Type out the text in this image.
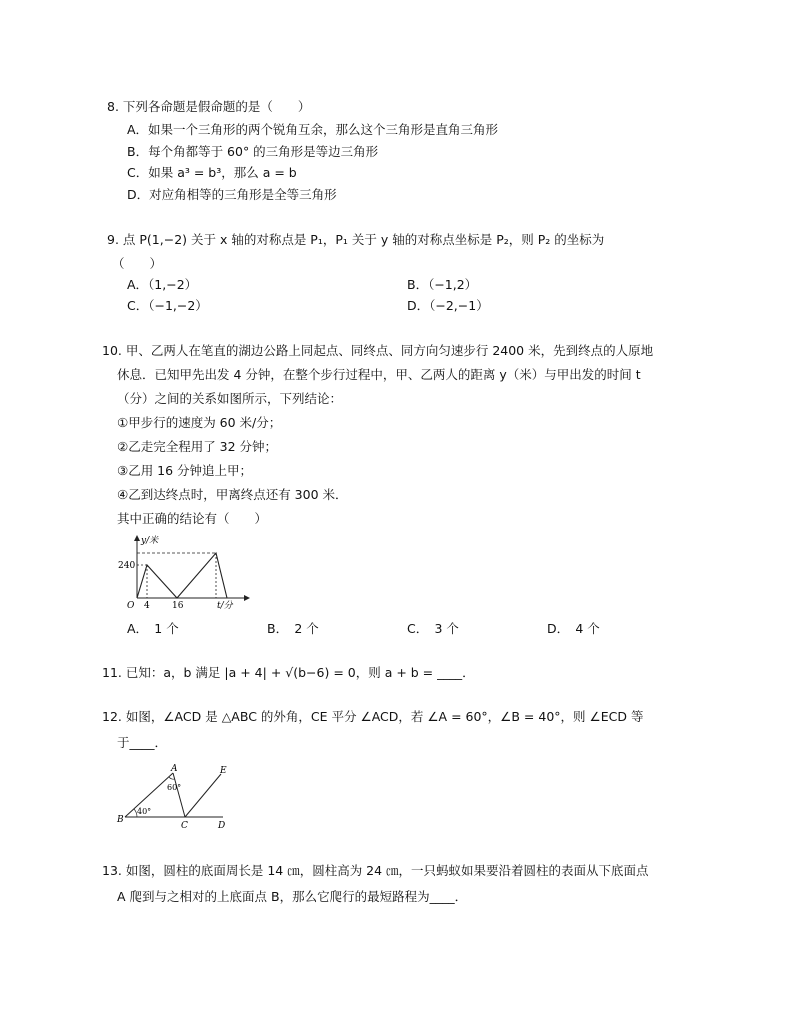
8. 下列各命题是假命题的是（　　）
A．如果一个三角形的两个锐角互余，那么这个三角形是直角三角形
B．每个角都等于 60° 的三角形是等边三角形
C．如果 a³ = b³，那么 a = b
D．对应角相等的三角形是全等三角形
9. 点 P(1,−2) 关于 x 轴的对称点是 P₁，P₁ 关于 y 轴的对称点坐标是 P₂，则 P₂ 的坐标为
（　　）
A．（1,−2）	B．（−1,2）
C．（−1,−2）	D．（−2,−1）
10. 甲、乙两人在笔直的湖边公路上同起点、同终点、同方向匀速步行 2400 米，先到终点的人原地
休息．已知甲先出发 4 分钟，在整个步行过程中，甲、乙两人的距离 y（米）与甲出发的时间 t
（分）之间的关系如图所示，下列结论：
①甲步行的速度为 60 米/分；
②乙走完全程用了 32 分钟；
③乙用 16 分钟追上甲；
④乙到达终点时，甲离终点还有 300 米．
其中正确的结论有（　　）
y/米
240
O 4 16	t/分
A．　1 个	B．　2 个	C．　3 个	D．　4 个
11. 已知：a，b 满足 |a + 4| + √(b−6) = 0，则 a + b = ____．
12. 如图，∠ACD 是 △ABC 的外角，CE 平分 ∠ACD，若 ∠A = 60°，∠B = 40°，则 ∠ECD 等
于____．
A
B
C	D
E
60°
40°
13. 如图，圆柱的底面周长是 14 ㎝，圆柱高为 24 ㎝，一只蚂蚁如果要沿着圆柱的表面从下底面点
A 爬到与之相对的上底面点 B，那么它爬行的最短路程为____．
